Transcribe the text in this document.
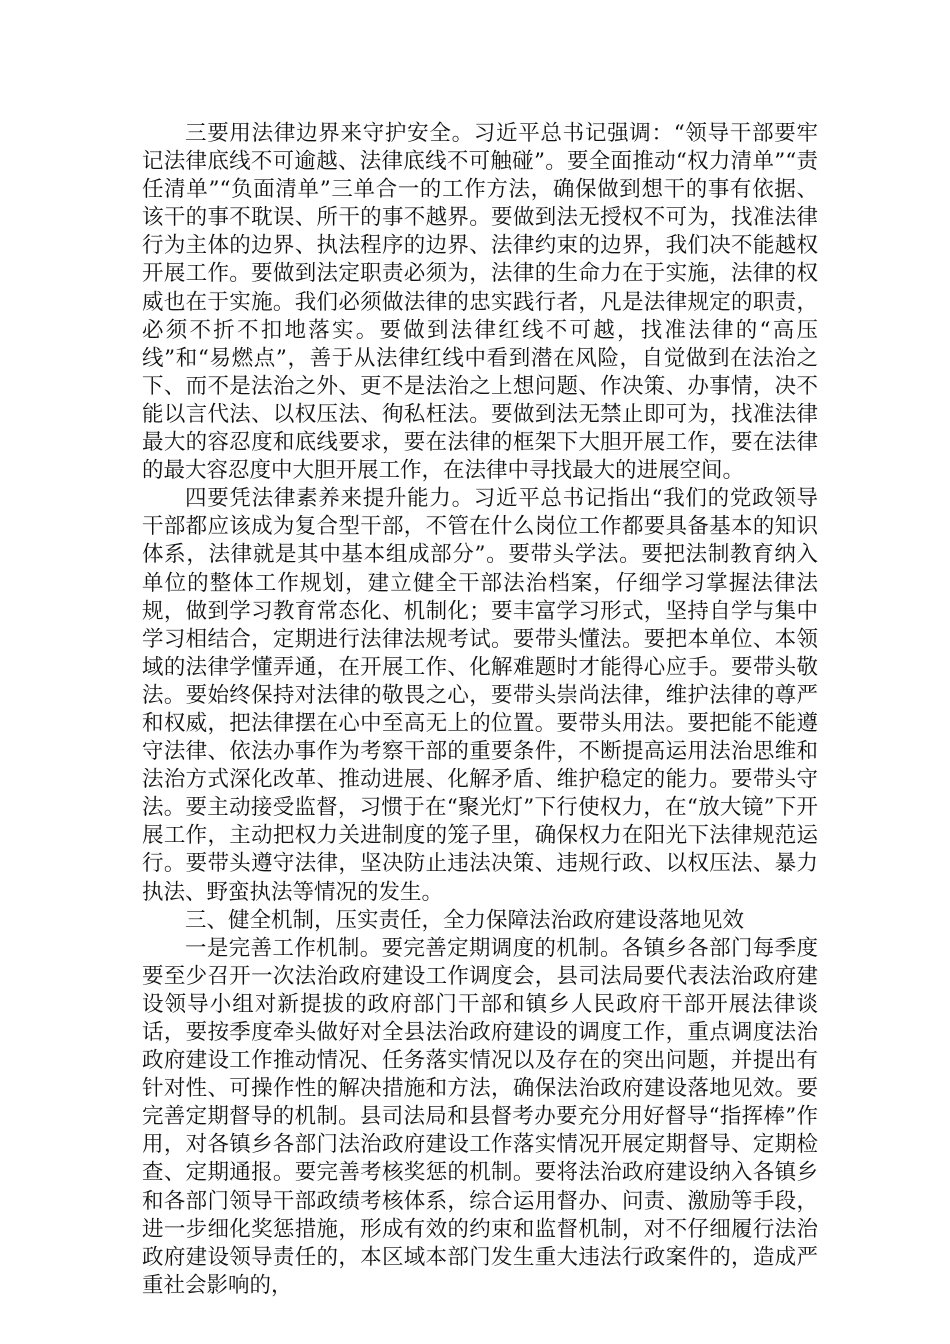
三要用法律边界来守护安全。习近平总书记强调：“领导干部要牢记法律底线不可逾越、法律底线不可触碰”。要全面推动“权力清单”“责任清单”“负面清单”三单合一的工作方法，确保做到想干的事有依据、该干的事不耽误、所干的事不越界。要做到法无授权不可为，找准法律行为主体的边界、执法程序的边界、法律约束的边界，我们决不能越权开展工作。要做到法定职责必须为，法律的生命力在于实施，法律的权威也在于实施。我们必须做法律的忠实践行者，凡是法律规定的职责，必须不折不扣地落实。要做到法律红线不可越，找准法律的“高压线”和“易燃点”，善于从法律红线中看到潜在风险，自觉做到在法治之下、而不是法治之外、更不是法治之上想问题、作决策、办事情，决不能以言代法、以权压法、徇私枉法。要做到法无禁止即可为，找准法律最大的容忍度和底线要求，要在法律的框架下大胆开展工作，要在法律的最大容忍度中大胆开展工作，在法律中寻找最大的进展空间。

四要凭法律素养来提升能力。习近平总书记指出“我们的党政领导干部都应该成为复合型干部，不管在什么岗位工作都要具备基本的知识体系，法律就是其中基本组成部分”。要带头学法。要把法制教育纳入单位的整体工作规划，建立健全干部法治档案，仔细学习掌握法律法规，做到学习教育常态化、机制化；要丰富学习形式，坚持自学与集中学习相结合，定期进行法律法规考试。要带头懂法。要把本单位、本领域的法律学懂弄通，在开展工作、化解难题时才能得心应手。要带头敬法。要始终保持对法律的敬畏之心，要带头崇尚法律，维护法律的尊严和权威，把法律摆在心中至高无上的位置。要带头用法。要把能不能遵守法律、依法办事作为考察干部的重要条件，不断提高运用法治思维和法治方式深化改革、推动进展、化解矛盾、维护稳定的能力。要带头守法。要主动接受监督，习惯于在“聚光灯”下行使权力，在“放大镜”下开展工作，主动把权力关进制度的笼子里，确保权力在阳光下法律规范运行。要带头遵守法律，坚决防止违法决策、违规行政、以权压法、暴力执法、野蛮执法等情况的发生。

三、健全机制，压实责任，全力保障法治政府建设落地见效

一是完善工作机制。要完善定期调度的机制。各镇乡各部门每季度要至少召开一次法治政府建设工作调度会，县司法局要代表法治政府建设领导小组对新提拔的政府部门干部和镇乡人民政府干部开展法律谈话，要按季度牵头做好对全县法治政府建设的调度工作，重点调度法治政府建设工作推动情况、任务落实情况以及存在的突出问题，并提出有针对性、可操作性的解决措施和方法，确保法治政府建设落地见效。要完善定期督导的机制。县司法局和县督考办要充分用好督导“指挥棒”作用，对各镇乡各部门法治政府建设工作落实情况开展定期督导、定期检查、定期通报。要完善考核奖惩的机制。要将法治政府建设纳入各镇乡和各部门领导干部政绩考核体系，综合运用督办、问责、激励等手段，进一步细化奖惩措施，形成有效的约束和监督机制，对不仔细履行法治政府建设领导责任的，本区域本部门发生重大违法行政案件的，造成严重社会影响的，
